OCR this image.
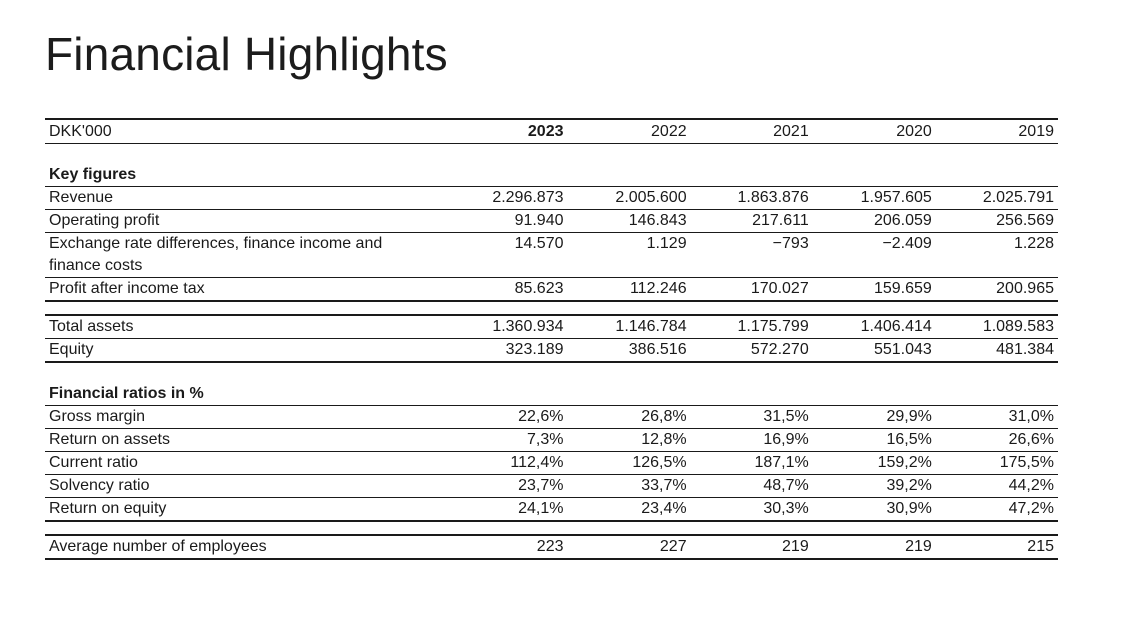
Financial Highlights
DKK'000	2023	2022	2021	2020	2019

Key figures					
Revenue	2.296.873	2.005.600	1.863.876	1.957.605	2.025.791
Operating profit	91.940	146.843	217.611	206.059	256.569
Exchange rate differences, finance income and finance costs	14.570	1.129	−793	−2.409	1.228
Profit after income tax	85.623	112.246	170.027	159.659	200.965

Total assets	1.360.934	1.146.784	1.175.799	1.406.414	1.089.583
Equity	323.189	386.516	572.270	551.043	481.384

Financial ratios in %					
Gross margin	22,6%	26,8%	31,5%	29,9%	31,0%
Return on assets	7,3%	12,8%	16,9%	16,5%	26,6%
Current ratio	112,4%	126,5%	187,1%	159,2%	175,5%
Solvency ratio	23,7%	33,7%	48,7%	39,2%	44,2%
Return on equity	24,1%	23,4%	30,3%	30,9%	47,2%

Average number of employees	223	227	219	219	215
